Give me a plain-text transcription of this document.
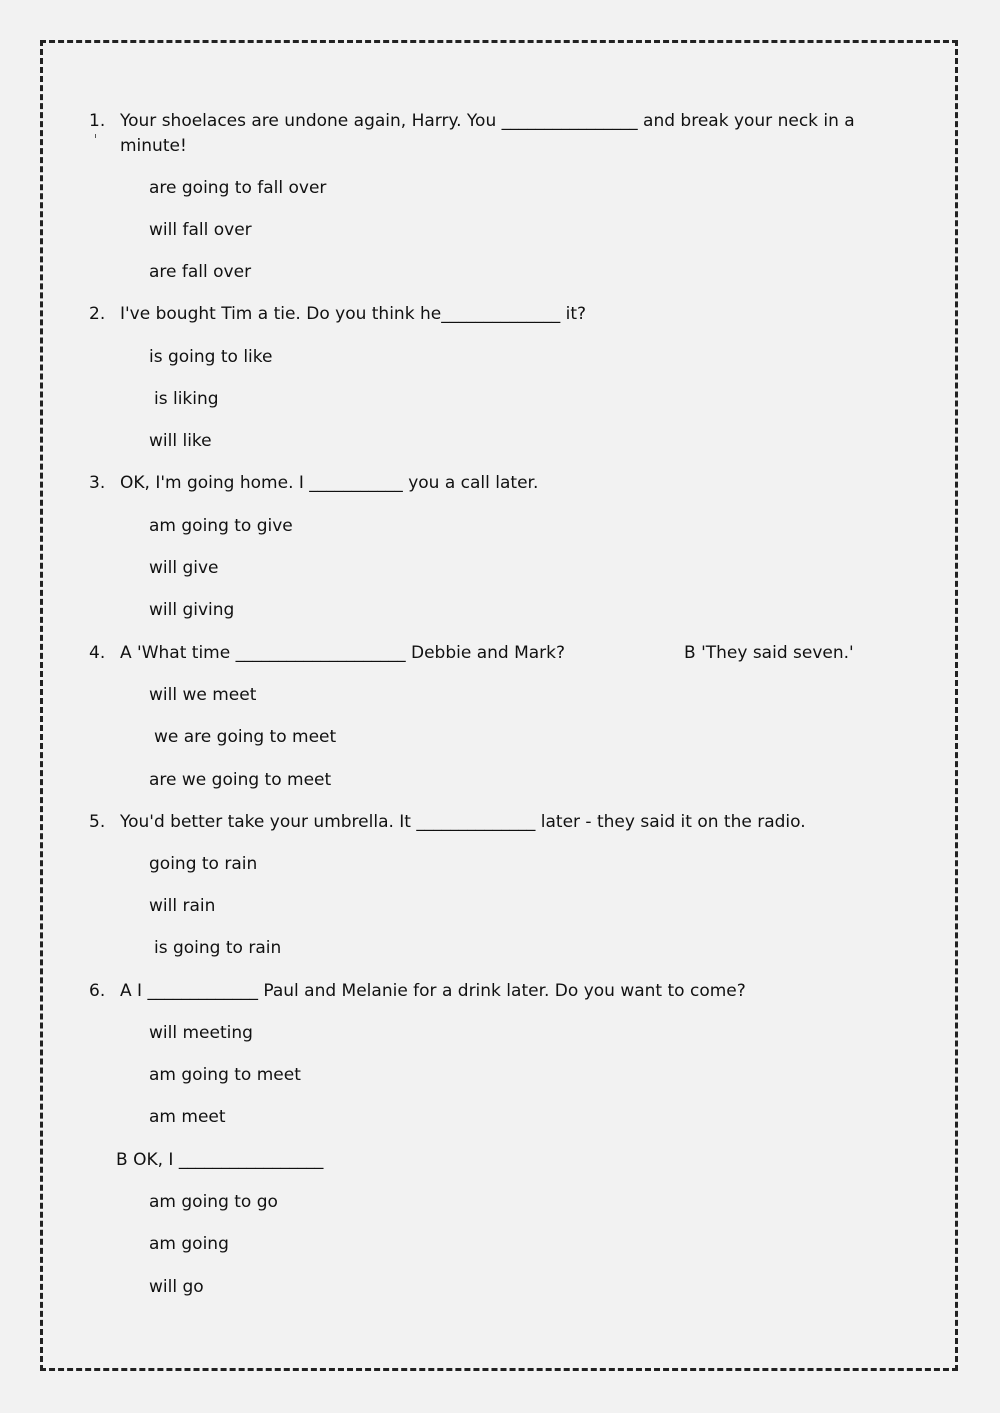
1. Your shoelaces are undone again, Harry. You ________________ and break your neck in a
minute!
are going to fall over
will fall over
are fall over
2. I've bought Tim a tie. Do you think he______________ it?
is going to like
is liking
will like
3. OK, I'm going home. I ___________ you a call later.
am going to give
will give
will giving
4. A 'What time ____________________ Debbie and Mark?	B 'They said seven.'
will we meet
we are going to meet
are we going to meet
5. You'd better take your umbrella. It ______________ later - they said it on the radio.
going to rain
will rain
is going to rain
6. A I _____________ Paul and Melanie for a drink later. Do you want to come?
will meeting
am going to meet
am meet
B OK, I _________________
am going to go
am going
will go
